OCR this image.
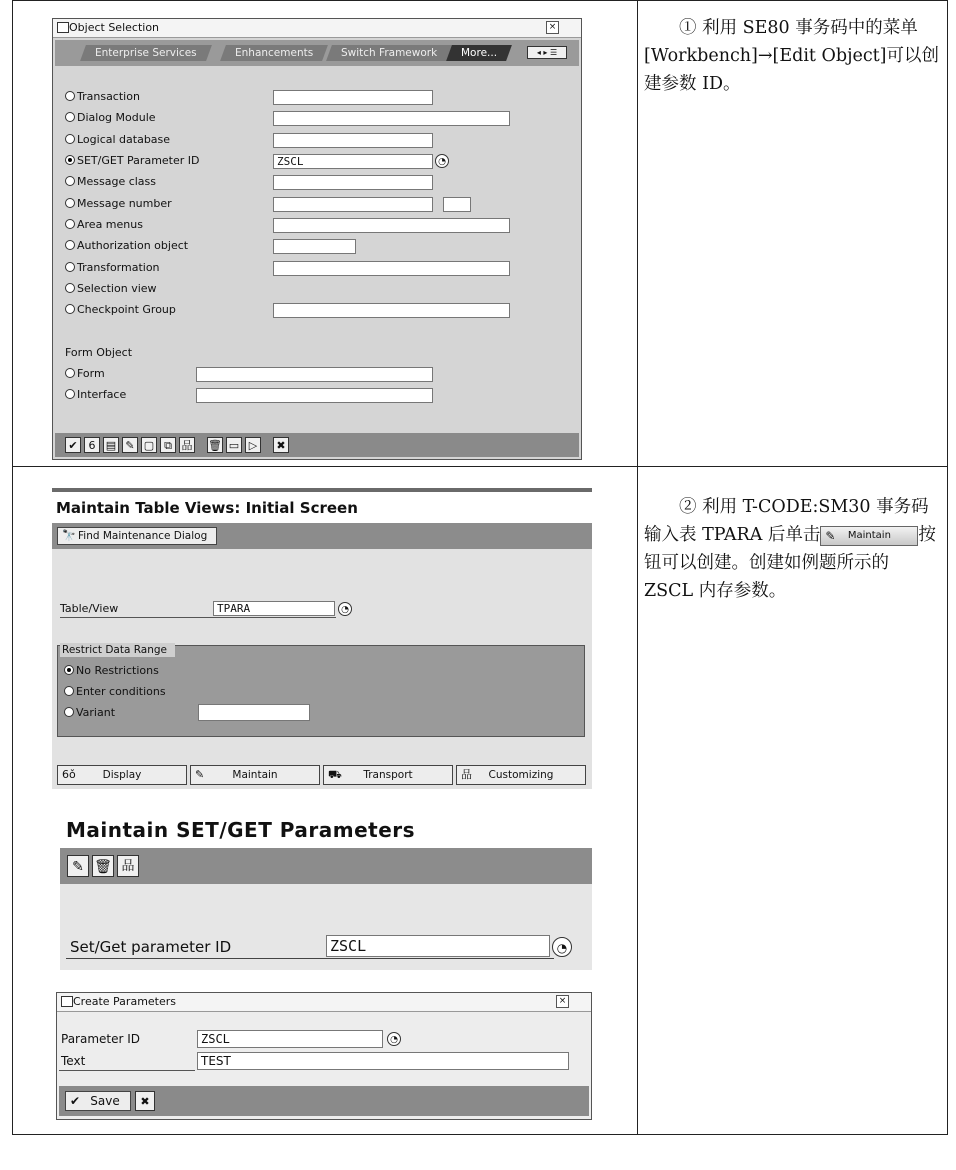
① 利用 SE80 事务码中的菜单 [Workbench]→[Edit Object]可以创建参数 ID。
Object Selection	×
Enterprise Services	Enhancements	Switch Framework	More...	◂ ▸ ☰
Transaction
Dialog Module
Logical database
SET/GET Parameter ID	ZSCL	◔
Message class
Message number
Area menus
Authorization object
Transformation
Selection view
Checkpoint Group
Form Object
Form
Interface
✔ 6 ▤ ✎ ▢ ⧉ 品 🗑 ▭ ▷	✖
② 利用 T-CODE:SM30 事务码输入表 TPARA 后单击 ✎ Maintain 按钮可以创建。创建如例题所示的 ZSCL 内存参数。
Maintain Table Views: Initial Screen
🔭 Find Maintenance Dialog
Table/View	TPARA	◔
Restrict Data Range
No Restrictions
Enter conditions
Variant
6ǒ	Display	✎	Maintain	⛟ Transport	品 Customizing
Maintain SET/GET Parameters
✎ 🗑 品
Set/Get parameter ID	ZSCL	◔
Create Parameters	×
Parameter ID	ZSCL	◔
Text	TEST
✔ Save	✖
